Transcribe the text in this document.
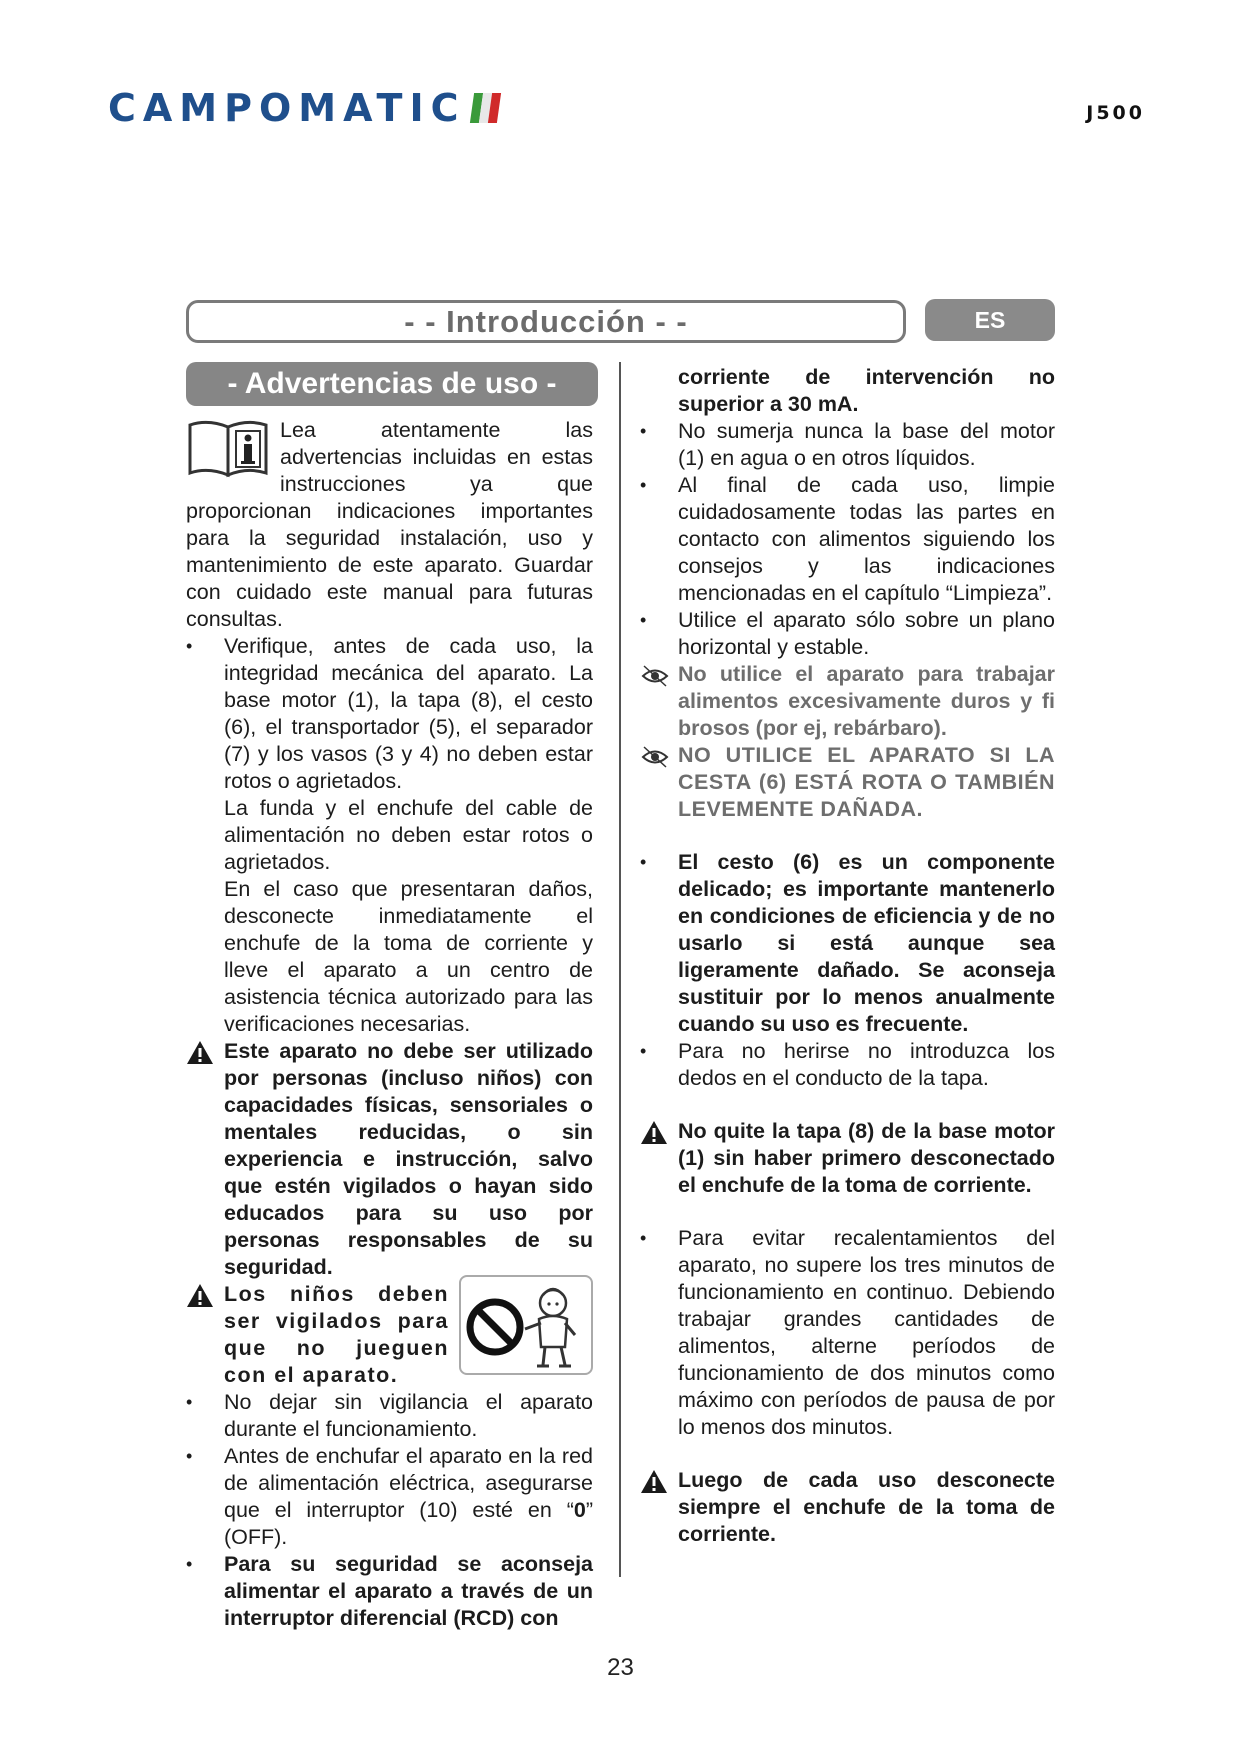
CAMPOMATIC	J500
- - Introducción - -	ES
- Advertencias de uso -

Lea atentamente las advertencias incluidas en estas instrucciones ya que proporcionan indicaciones importantes para la seguridad instalación, uso y mantenimiento de este aparato. Guardar con cuidado este manual para futuras consultas.

•	Verifique, antes de cada uso, la integridad mecánica del aparato. La base motor (1), la tapa (8), el cesto (6), el transportador (5), el separador (7) y los vasos (3 y 4) no deben estar rotos o agrietados.

La funda y el enchufe del cable de alimentación no deben estar rotos o agrietados.

En el caso que presentaran daños, desconecte inmediatamente el enchufe de la toma de corriente y lleve el aparato a un centro de asistencia técnica autorizado para las verificaciones necesarias.

Este aparato no debe ser utilizado por personas (incluso niños) con capacidades físicas, sensoriales o mentales reducidas, o sin experiencia e instrucción, salvo que estén vigilados o hayan sido educados para su uso por personas responsables de su seguridad.

Los niños deben ser vigilados para que no jueguen con el aparato.

•	No dejar sin vigilancia el aparato durante el funcionamiento.

•	Antes de enchufar el aparato en la red de alimentación eléctrica, asegurarse que el interruptor (10) esté en “0” (OFF).

•	Para su seguridad se aconseja alimentar el aparato a través de un interruptor diferencial (RCD) con

corriente de intervención no superior a 30 mA.

•	No sumerja nunca la base del motor (1) en agua o en otros líquidos.

•	Al final de cada uso, limpie cuidadosamente todas las partes en contacto con alimentos siguiendo los consejos y las indicaciones mencionadas en el capítulo “Limpieza”.

•	Utilice el aparato sólo sobre un plano horizontal y estable.

No utilice el aparato para trabajar alimentos excesivamente duros y fi brosos (por ej, rebárbaro).

NO UTILICE EL APARATO SI LA CESTA (6) ESTÁ ROTA O TAMBIÉN LEVEMENTE DAÑADA.

•	El cesto (6) es un componente delicado; es importante mantenerlo en condiciones de eficiencia y de no usarlo si está aunque sea ligeramente dañado. Se aconseja sustituir por lo menos anualmente cuando su uso es frecuente.

•	Para no herirse no introduzca los dedos en el conducto de la tapa.

No quite la tapa (8) de la base motor (1) sin haber primero desconectado el enchufe de la toma de corriente.

•	Para evitar recalentamientos del aparato, no supere los tres minutos de funcionamiento en continuo. Debiendo trabajar grandes cantidades de alimentos, alterne períodos de funcionamiento de dos minutos como máximo con períodos de pausa de por lo menos dos minutos.

Luego de cada uso desconecte siempre el enchufe de la toma de corriente.

23
